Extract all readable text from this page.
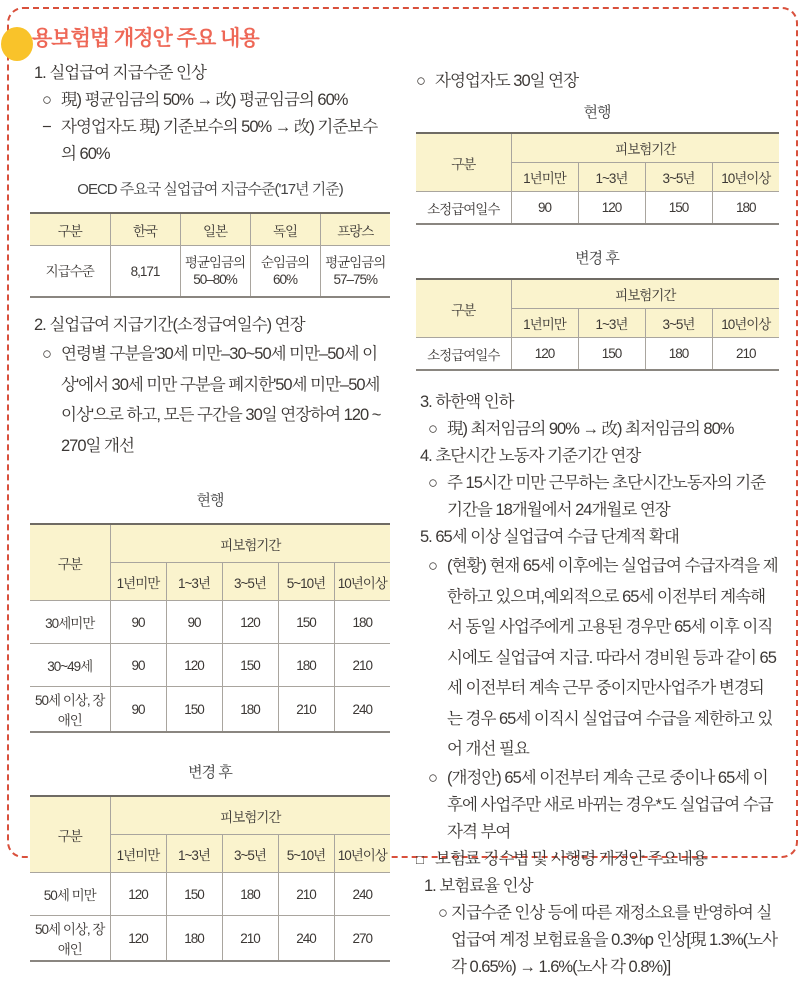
용보험법 개정안 주요 내용
1. 실업급여 지급수준 인상
○ 現) 평균임금의 50% → 改) 평균임금의 60%
− 자영업자도 現) 기준보수의 50% → 改) 기준보수의 60%
OECD 주요국 실업급여 지급수준('17년 기준)
구분	한국	일본	독일	프랑스
지급수준	8,171	평균임금의 50–80%	순임금의 60%	평균임금의 57–75%
2. 실업급여 지급기간(소정급여일수) 연장
○ 연령별 구분을'30세 미만–30~50세 미만–50세 이상'에서 30세 미만 구분을 폐지한'50세 미만–50세 이상'으로 하고, 모든 구간을 30일 연장하여 120 ~ 270일 개선
현행
구분	피보험기간				
	1년미만	1~3년	3~5년	5~10년	10년이상
30세미만	90	90	120	150	180
30~49세	90	120	150	180	210
50세 이상, 장애인	90	150	180	210	240
변경 후
구분	피보험기간				
	1년미만	1~3년	3~5년	5~10년	10년이상
50세 미만	120	150	180	210	240
50세 이상, 장애인	120	180	210	240	270
○ 자영업자도 30일 연장
현행
구분	피보험기간			
	1년미만	1~3년	3~5년	10년이상
소정급여일수	90	120	150	180
변경 후
구분	피보험기간			
	1년미만	1~3년	3~5년	10년이상
소정급여일수	120	150	180	210
3. 하한액 인하
○ 現) 최저임금의 90% → 改) 최저임금의 80%
4. 초단시간 노동자 기준기간 연장
○ 주 15시간 미만 근무하는 초단시간노동자의 기준기간을 18개월에서 24개월로 연장
5. 65세 이상 실업급여 수급 단계적 확대
○ (현황) 현재 65세 이후에는 실업급여 수급자격을 제한하고 있으며,예외적으로 65세 이전부터 계속해서 동일 사업주에게 고용된 경우만 65세 이후 이직시에도 실업급여 지급. 따라서 경비원 등과 같이 65세 이전부터 계속 근무 중이지만사업주가 변경되는 경우 65세 이직시 실업급여 수급을 제한하고 있어 개선 필요
○ (개정안) 65세 이전부터 계속 근로 중이나 65세 이후에 사업주만 새로 바뀌는 경우*도 실업급여 수급 자격 부여
□ 보험료 징수법 및 시행령 개정안 주요내용
1. 보험료율 인상
○ 지급수준 인상 등에 따른 재정소요를 반영하여 실업급여 계정 보험료율을 0.3%p 인상[現 1.3%(노사 각 0.65%) → 1.6%(노사 각 0.8%)]
